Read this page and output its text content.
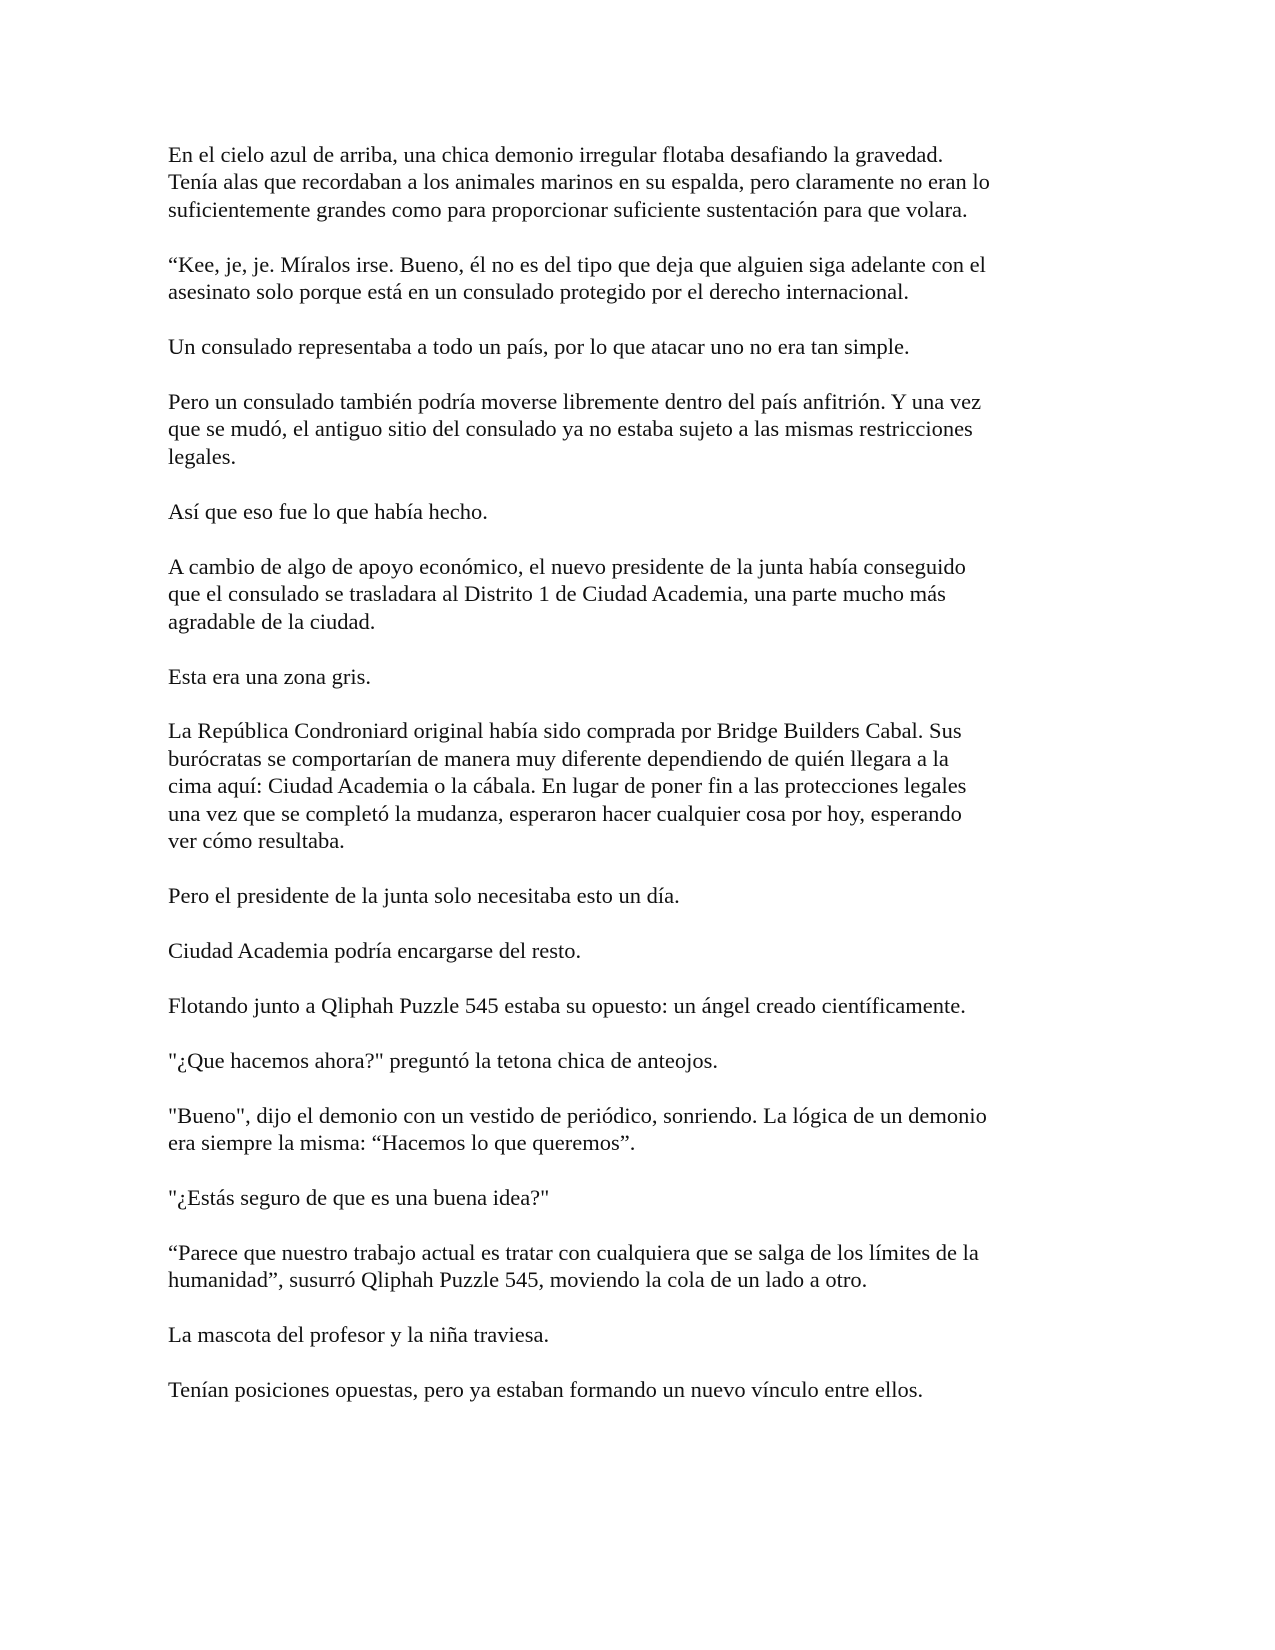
En el cielo azul de arriba, una chica demonio irregular flotaba desafiando la gravedad.
Tenía alas que recordaban a los animales marinos en su espalda, pero claramente no eran lo
suficientemente grandes como para proporcionar suficiente sustentación para que volara.

“Kee, je, je. Míralos irse. Bueno, él no es del tipo que deja que alguien siga adelante con el
asesinato solo porque está en un consulado protegido por el derecho internacional.

Un consulado representaba a todo un país, por lo que atacar uno no era tan simple.

Pero un consulado también podría moverse libremente dentro del país anfitrión. Y una vez
que se mudó, el antiguo sitio del consulado ya no estaba sujeto a las mismas restricciones
legales.

Así que eso fue lo que había hecho.

A cambio de algo de apoyo económico, el nuevo presidente de la junta había conseguido
que el consulado se trasladara al Distrito 1 de Ciudad Academia, una parte mucho más
agradable de la ciudad.

Esta era una zona gris.

La República Condroniard original había sido comprada por Bridge Builders Cabal. Sus
burócratas se comportarían de manera muy diferente dependiendo de quién llegara a la
cima aquí: Ciudad Academia o la cábala. En lugar de poner fin a las protecciones legales
una vez que se completó la mudanza, esperaron hacer cualquier cosa por hoy, esperando
ver cómo resultaba.

Pero el presidente de la junta solo necesitaba esto un día.

Ciudad Academia podría encargarse del resto.

Flotando junto a Qliphah Puzzle 545 estaba su opuesto: un ángel creado científicamente.

"¿Que hacemos ahora?" preguntó la tetona chica de anteojos.

"Bueno", dijo el demonio con un vestido de periódico, sonriendo. La lógica de un demonio
era siempre la misma: “Hacemos lo que queremos”.

"¿Estás seguro de que es una buena idea?"

“Parece que nuestro trabajo actual es tratar con cualquiera que se salga de los límites de la
humanidad”, susurró Qliphah Puzzle 545, moviendo la cola de un lado a otro.

La mascota del profesor y la niña traviesa.

Tenían posiciones opuestas, pero ya estaban formando un nuevo vínculo entre ellos.
